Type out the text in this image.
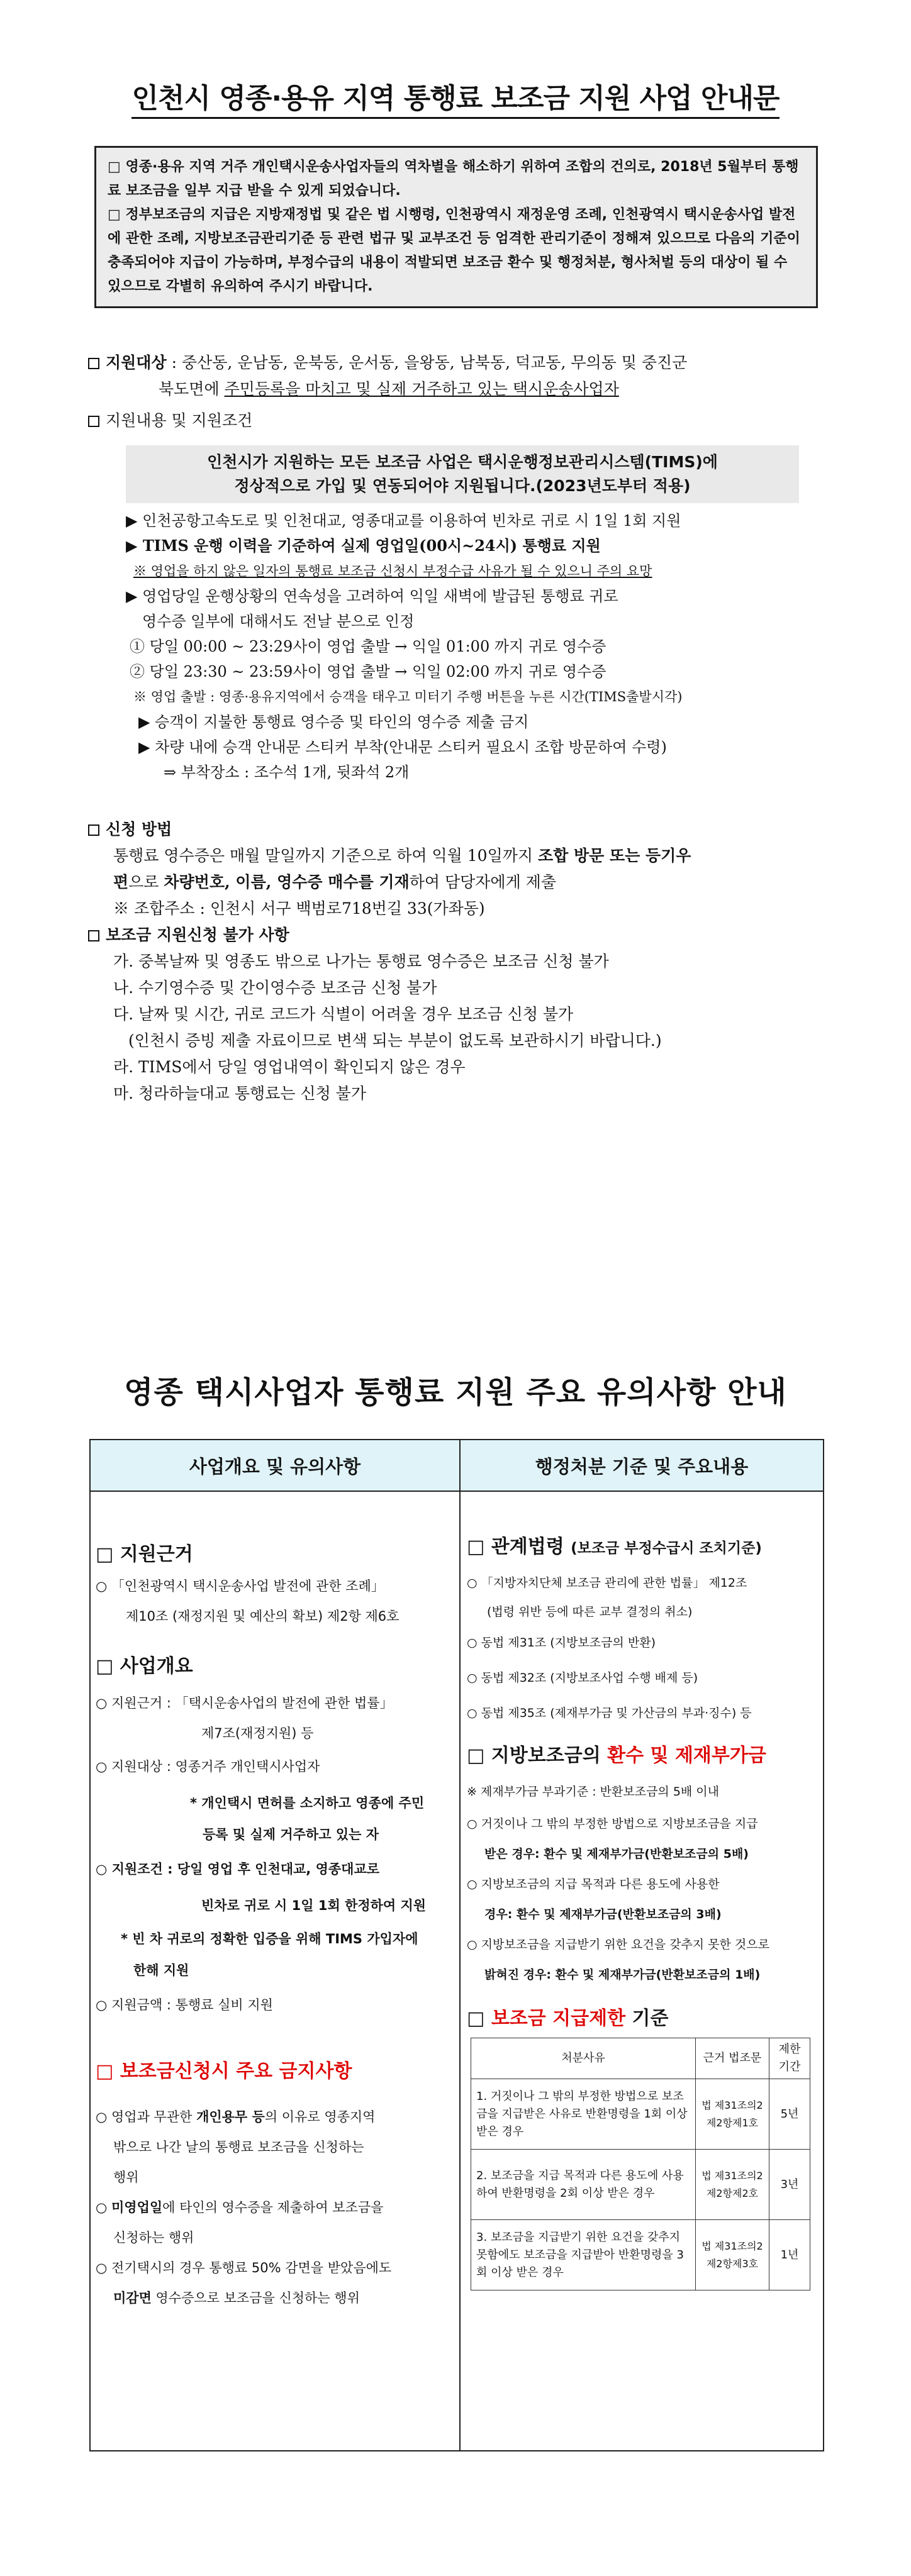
인천시 영종·용유 지역 통행료 보조금 지원 사업 안내문

□ 영종·용유 지역 거주 개인택시운송사업자들의 역차별을 해소하기 위하여 조합의 건의로, 2018년 5월부터 통행료 보조금을 일부 지급 받을 수 있게 되었습니다.

□ 정부보조금의 지급은 지방재정법 및 같은 법 시행령, 인천광역시 재정운영 조례, 인천광역시 택시운송사업 발전에 관한 조례, 지방보조금관리기준 등 관련 법규 및 교부조건 등 엄격한 관리기준이 정해져 있으므로 다음의 기준이 충족되어야 지급이 가능하며, 부정수급의 내용이 적발되면 보조금 환수 및 행정처분, 형사처벌 등의 대상이 될 수 있으므로 각별히 유의하여 주시기 바랍니다.

지원대상 : 중산동, 운남동, 운북동, 운서동, 을왕동, 남북동, 덕교동, 무의동 및 중진군
북도면에 주민등록을 마치고 및 실제 거주하고 있는 택시운송사업자
지원내용 및 지원조건
인천시가 지원하는 모든 보조금 사업은 택시운행정보관리시스템(TIMS)에
정상적으로 가입 및 연동되어야 지원됩니다.(2023년도부터 적용)
▶ 인천공항고속도로 및 인천대교, 영종대교를 이용하여 빈차로 귀로 시 1일 1회 지원
▶ TIMS 운행 이력을 기준하여 실제 영업일(00시~24시) 통행료 지원
※ 영업을 하지 않은 일자의 통행료 보조금 신청시 부정수급 사유가 될 수 있으니 주의 요망
▶ 영업당일 운행상황의 연속성을 고려하여 익일 새벽에 발급된 통행료 귀로
영수증 일부에 대해서도 전날 분으로 인정
① 당일 00:00 ~ 23:29사이 영업 출발 → 익일 01:00 까지 귀로 영수증
② 당일 23:30 ~ 23:59사이 영업 출발 → 익일 02:00 까지 귀로 영수증
※ 영업 출발 : 영종·용유지역에서 승객을 태우고 미터기 주행 버튼을 누른 시간(TIMS출발시각)
▶ 승객이 지불한 통행료 영수증 및 타인의 영수증 제출 금지
▶ 차량 내에 승객 안내문 스티커 부착(안내문 스티커 필요시 조합 방문하여 수령)
⇒ 부착장소 : 조수석 1개, 뒷좌석 2개
신청 방법
통행료 영수증은 매월 말일까지 기준으로 하여 익월 10일까지 조합 방문 또는 등기우
편으로 차량번호, 이름, 영수증 매수를 기재하여 담당자에게 제출
※ 조합주소 : 인천시 서구 백범로718번길 33(가좌동)
보조금 지원신청 불가 사항
가. 중복날짜 및 영종도 밖으로 나가는 통행료 영수증은 보조금 신청 불가
나. 수기영수증 및 간이영수증 보조금 신청 불가
다. 날짜 및 시간, 귀로 코드가 식별이 어려울 경우 보조금 신청 불가
(인천시 증빙 제출 자료이므로 변색 되는 부분이 없도록 보관하시기 바랍니다.)
라. TIMS에서 당일 영업내역이 확인되지 않은 경우
마. 청라하늘대교 통행료는 신청 불가
영종 택시사업자 통행료 지원 주요 유의사항 안내
사업개요 및 유의사항	행정처분 기준 및 주요내용
□ 지원근거
○ 「인천광역시 택시운송사업 발전에 관한 조례」
제10조 (재정지원 및 예산의 확보) 제2항 제6호
□ 사업개요
○ 지원근거 : 「택시운송사업의 발전에 관한 법률」
제7조(재정지원) 등
○ 지원대상 : 영종거주 개인택시사업자
* 개인택시 면허를 소지하고 영종에 주민
등록 및 실제 거주하고 있는 자
○ 지원조건 : 당일 영업 후 인천대교, 영종대교로
빈차로 귀로 시 1일 1회 한정하여 지원
* 빈 차 귀로의 정확한 입증을 위해 TIMS 가입자에
한해 지원
○ 지원금액 : 통행료 실비 지원
□ 보조금신청시 주요 금지사항
○ 영업과 무관한 개인용무 등의 이유로 영종지역
밖으로 나간 날의 통행료 보조금을 신청하는
행위
○ 미영업일에 타인의 영수증을 제출하여 보조금을
신청하는 행위
○ 전기택시의 경우 통행료 50% 감면을 받았음에도
미감면 영수증으로 보조금을 신청하는 행위
□ 관계법령 (보조금 부정수급시 조치기준)
○ 「지방자치단체 보조금 관리에 관한 법률」 제12조
(법령 위반 등에 따른 교부 결정의 취소)
○ 동법 제31조 (지방보조금의 반환)
○ 동법 제32조 (지방보조사업 수행 배제 등)
○ 동법 제35조 (제재부가금 및 가산금의 부과·징수) 등
□ 지방보조금의 환수 및 제재부가금
※ 제재부가금 부과기준 : 반환보조금의 5배 이내
○ 거짓이나 그 밖의 부정한 방법으로 지방보조금을 지급
받은 경우: 환수 및 제재부가금(반환보조금의 5배)
○ 지방보조금의 지급 목적과 다른 용도에 사용한
경우: 환수 및 제재부가금(반환보조금의 3배)
○ 지방보조금을 지급받기 위한 요건을 갖추지 못한 것으로
밝혀진 경우: 환수 및 제재부가금(반환보조금의 1배)
□ 보조금 지급제한 기준
처분사유	근거 법조문	제한기간
1. 거짓이나 그 밖의 부정한 방법으로 보조금을 지급받은 사유로 반환명령을 1회 이상 받은 경우	법 제31조의2 제2항제1호	5년
2. 보조금을 지급 목적과 다른 용도에 사용하여 반환명령을 2회 이상 받은 경우	법 제31조의2 제2항제2호	3년
3. 보조금을 지급받기 위한 요건을 갖추지 못함에도 보조금을 지급받아 반환명령을 3회 이상 받은 경우	법 제31조의2 제2항제3호	1년
